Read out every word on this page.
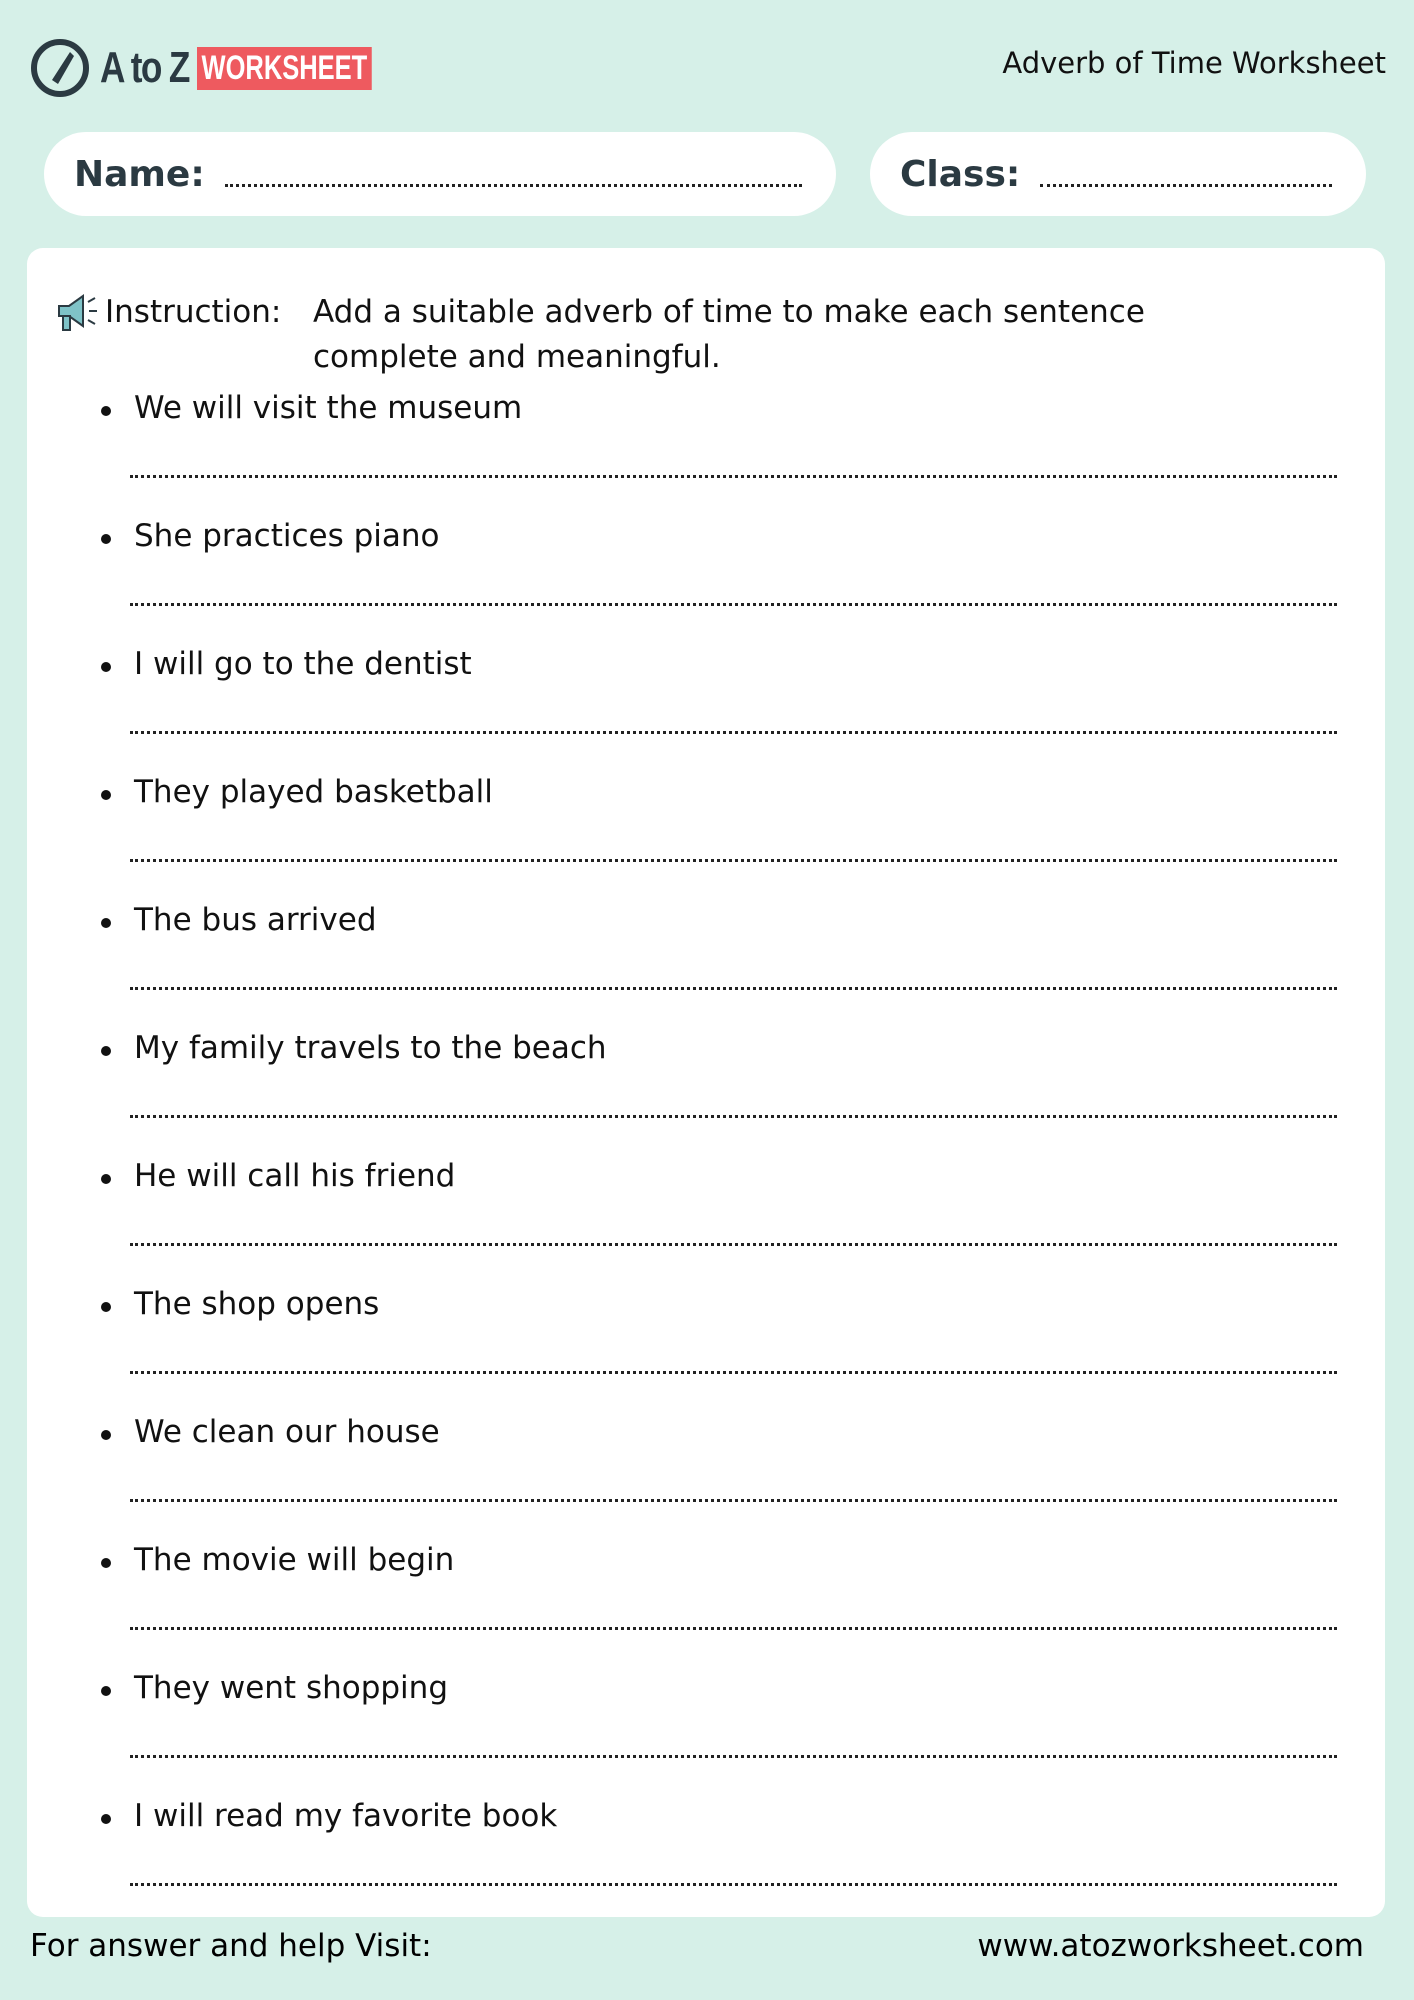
A to Z WORKSHEET	Adverb of Time Worksheet
Name:	Class:
Instruction:	Add a suitable adverb of time to make each sentence complete and meaningful.
We will visit the museum
She practices piano
I will go to the dentist
They played basketball
The bus arrived
My family travels to the beach
He will call his friend
The shop opens
We clean our house
The movie will begin
They went shopping
I will read my favorite book
For answer and help Visit:	www.atozworksheet.com
